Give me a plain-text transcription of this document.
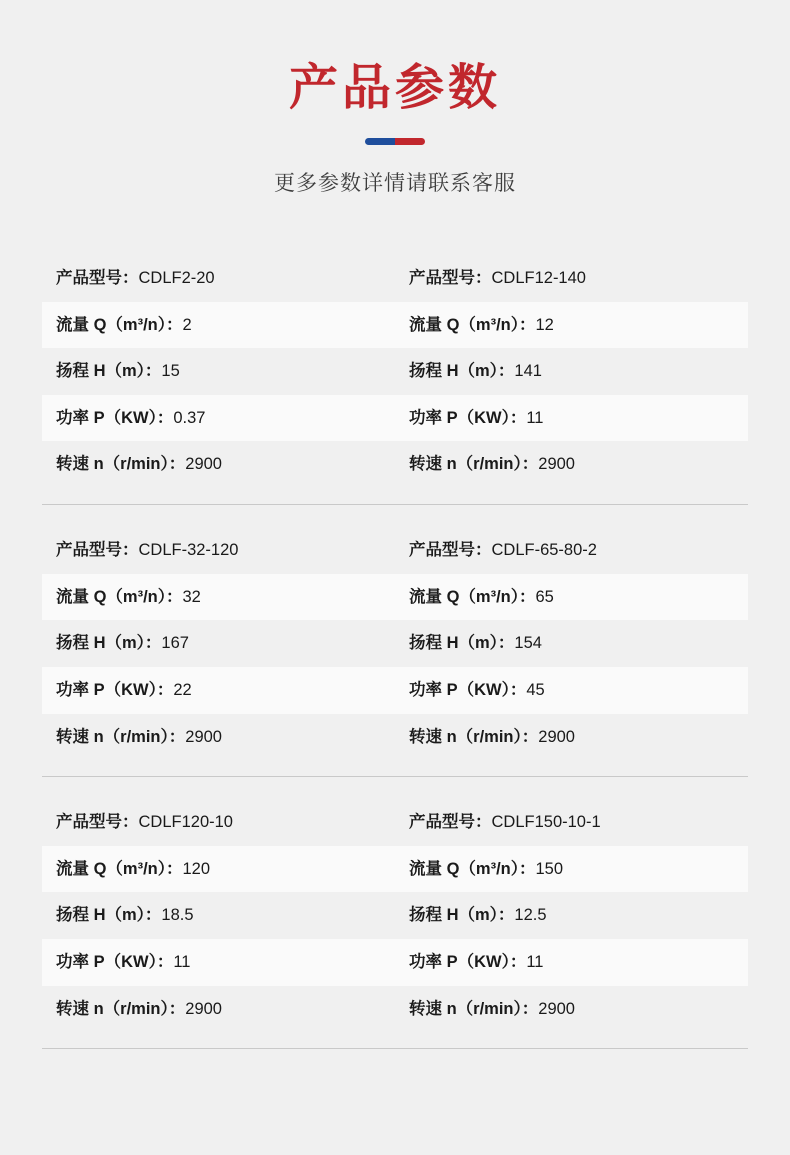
产品参数
更多参数详情请联系客服
产品型号：CDLF2-20	产品型号：CDLF12-140
流量 Q（m³/n）：2	流量 Q（m³/n）：12
扬程 H（m）：15	扬程 H（m）：141
功率 P（KW）：0.37	功率 P（KW）：11
转速 n（r/min）：2900	转速 n（r/min）：2900
产品型号：CDLF-32-120	产品型号：CDLF-65-80-2
流量 Q（m³/n）：32	流量 Q（m³/n）：65
扬程 H（m）：167	扬程 H（m）：154
功率 P（KW）：22	功率 P（KW）：45
转速 n（r/min）：2900	转速 n（r/min）：2900
产品型号：CDLF120-10	产品型号：CDLF150-10-1
流量 Q（m³/n）：120	流量 Q（m³/n）：150
扬程 H（m）：18.5	扬程 H（m）：12.5
功率 P（KW）：11	功率 P（KW）：11
转速 n（r/min）：2900	转速 n（r/min）：2900
